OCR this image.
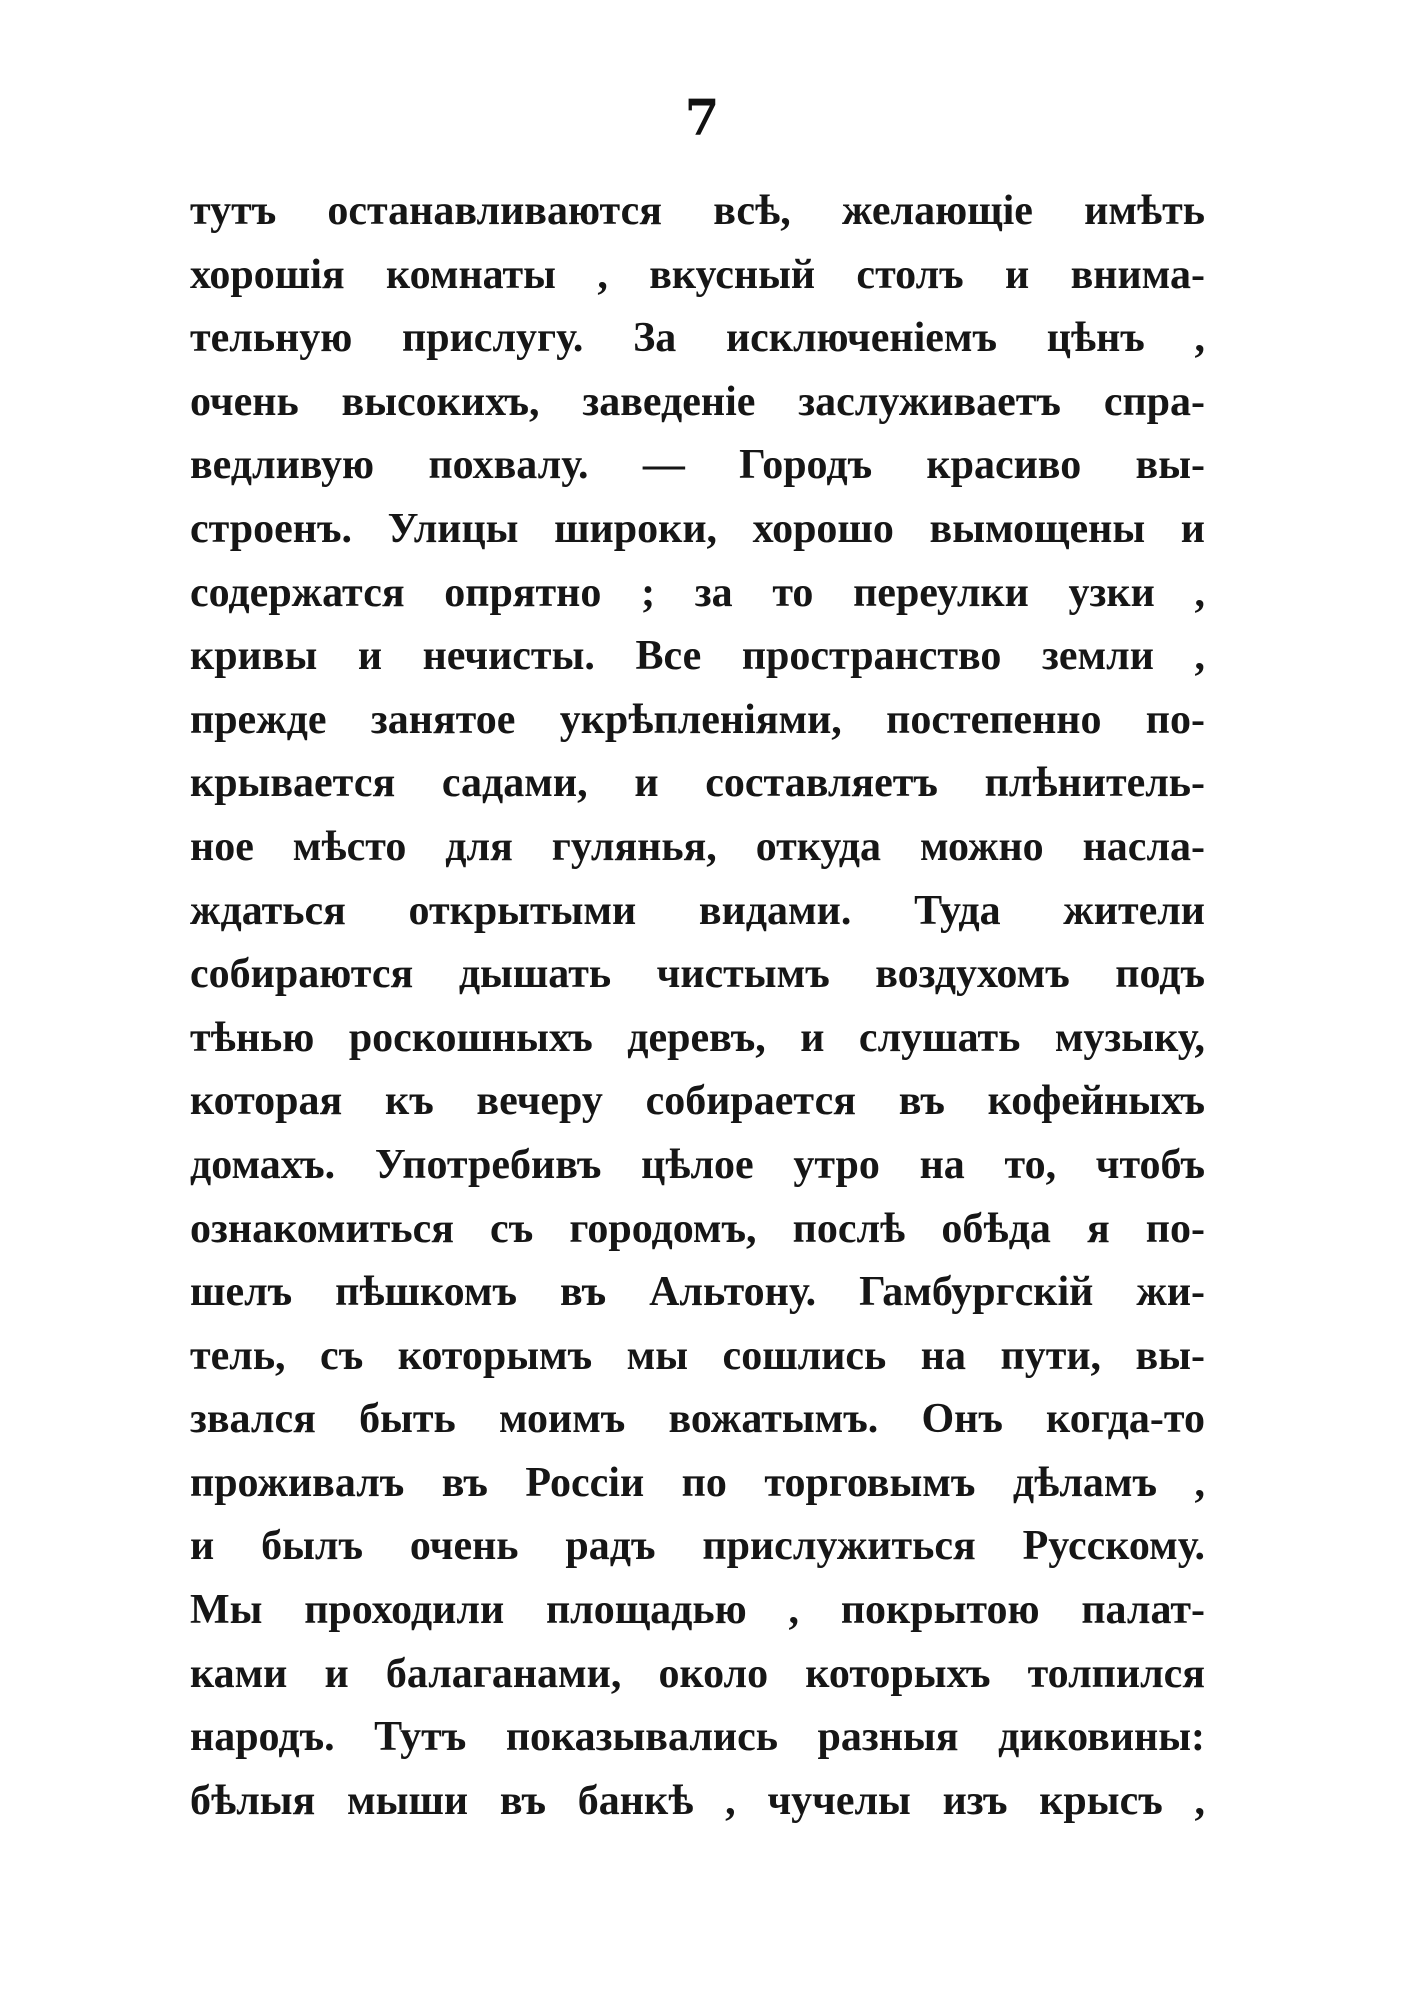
7
тутъ останавливаются всѣ, желающіе имѣть
хорошія комнаты , вкусный столъ и внима-
тельную прислугу. За исключеніемъ цѣнъ ,
очень высокихъ, заведеніе заслуживаетъ спра-
ведливую похвалу. — Городъ красиво вы-
строенъ. Улицы широки, хорошо вымощены и
содержатся опрятно ; за то переулки узки ,
кривы и нечисты. Все пространство земли ,
прежде занятое укрѣпленіями, постепенно по-
крывается садами, и составляетъ плѣнитель-
ное мѣсто для гулянья, откуда можно насла-
ждаться открытыми видами. Туда жители
собираются дышать чистымъ воздухомъ подъ
тѣнью роскошныхъ деревъ, и слушать музыку,
которая къ вечеру собирается въ кофейныхъ
домахъ. Употребивъ цѣлое утро на то, чтобъ
ознакомиться съ городомъ, послѣ обѣда я по-
шелъ пѣшкомъ въ Альтону. Гамбургскій жи-
тель, съ которымъ мы сошлись на пути, вы-
звался быть моимъ вожатымъ. Онъ когда-то
проживалъ въ Россіи по торговымъ дѣламъ ,
и былъ очень радъ прислужиться Русскому.
Мы проходили площадью , покрытою палат-
ками и балаганами, около которыхъ толпился
народъ. Тутъ показывались разныя диковины:
бѣлыя мыши въ банкѣ , чучелы изъ крысъ ,
